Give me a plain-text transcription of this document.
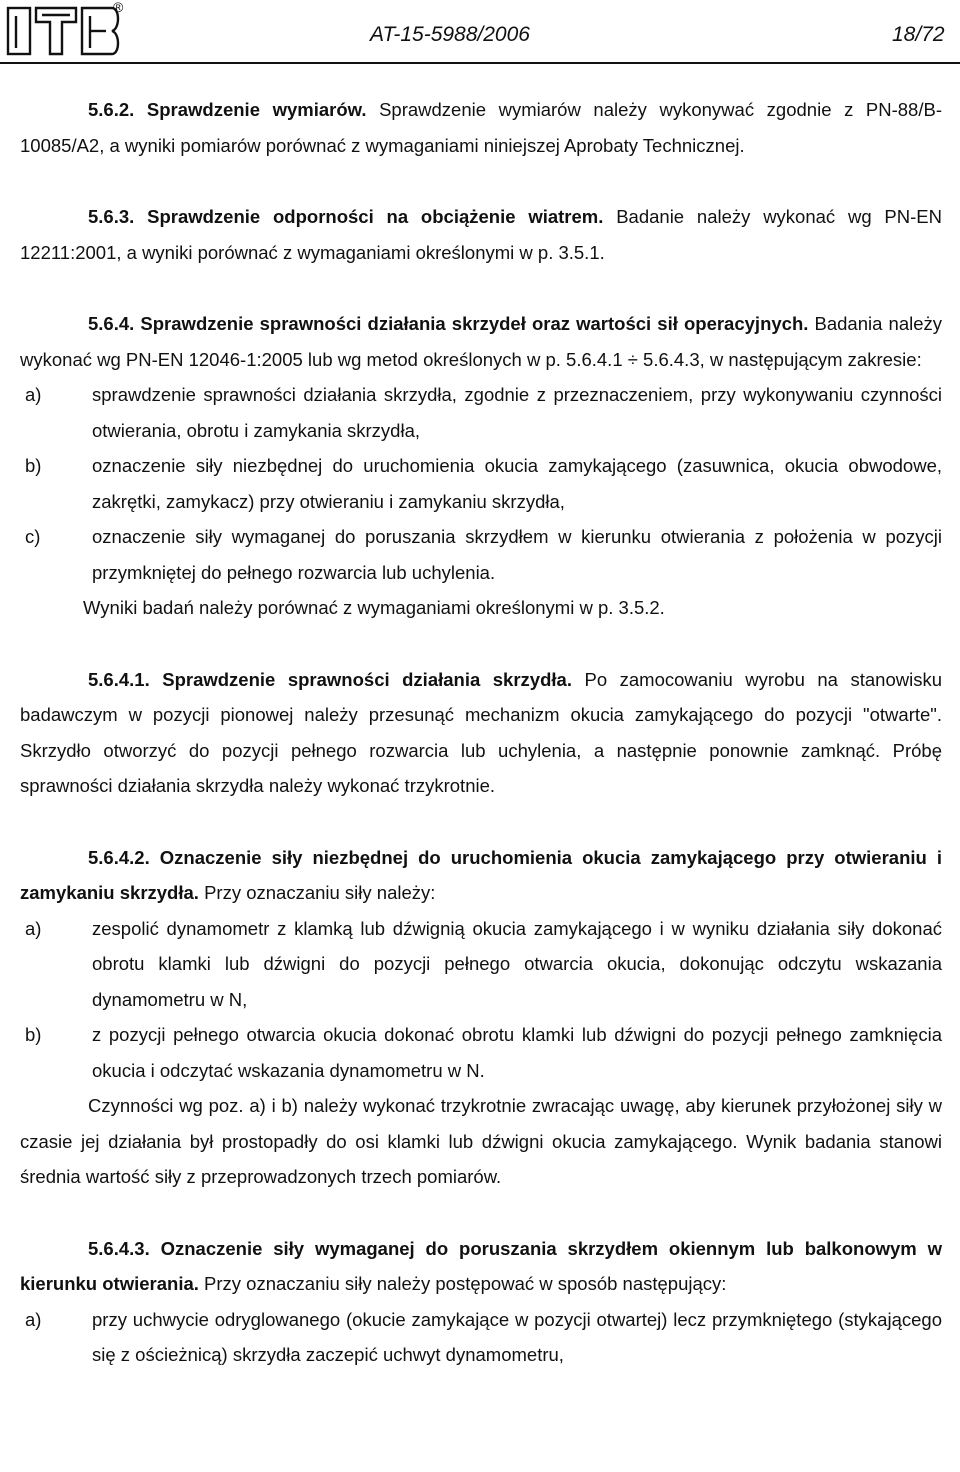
®
AT-15-5988/2006	18/72

5.6.2. Sprawdzenie wymiarów. Sprawdzenie wymiarów należy wykonywać zgodnie z PN-88/B-10085/A2, a wyniki pomiarów porównać z wymaganiami niniejszej Aprobaty Technicznej.

5.6.3. Sprawdzenie odporności na obciążenie wiatrem. Badanie należy wykonać wg PN-EN 12211:2001, a wyniki porównać z wymaganiami określonymi w p. 3.5.1.

5.6.4. Sprawdzenie sprawności działania skrzydeł oraz wartości sił operacyjnych. Badania należy wykonać wg PN-EN 12046-1:2005 lub wg metod określonych w p. 5.6.4.1 ÷ 5.6.4.3, w następującym zakresie:

a)	sprawdzenie sprawności działania skrzydła, zgodnie z przeznaczeniem, przy wykonywaniu czynności otwierania, obrotu i zamykania skrzydła,

b)	oznaczenie siły niezbędnej do uruchomienia okucia zamykającego (zasuwnica, okucia obwodowe, zakrętki, zamykacz) przy otwieraniu i zamykaniu skrzydła,

c)	oznaczenie siły wymaganej do poruszania skrzydłem w kierunku otwierania z położenia w pozycji przymkniętej do pełnego rozwarcia lub uchylenia.

Wyniki badań należy porównać z wymaganiami określonymi w p. 3.5.2.

5.6.4.1. Sprawdzenie sprawności działania skrzydła. Po zamocowaniu wyrobu na stanowisku badawczym w pozycji pionowej należy przesunąć mechanizm okucia zamykającego do pozycji "otwarte". Skrzydło otworzyć do pozycji pełnego rozwarcia lub uchylenia, a następnie ponownie zamknąć. Próbę sprawności działania skrzydła należy wykonać trzykrotnie.

5.6.4.2. Oznaczenie siły niezbędnej do uruchomienia okucia zamykającego przy otwieraniu i zamykaniu skrzydła. Przy oznaczaniu siły należy:

a)	zespolić dynamometr z klamką lub dźwignią okucia zamykającego i w wyniku działania siły dokonać obrotu klamki lub dźwigni do pozycji pełnego otwarcia okucia, dokonując odczytu wskazania dynamometru w N,

b)	z pozycji pełnego otwarcia okucia dokonać obrotu klamki lub dźwigni do pozycji pełnego zamknięcia okucia i odczytać wskazania dynamometru w N.

Czynności wg poz. a) i b) należy wykonać trzykrotnie zwracając uwagę, aby kierunek przyłożonej siły w czasie jej działania był prostopadły do osi klamki lub dźwigni okucia zamykającego. Wynik badania stanowi średnia wartość siły z przeprowadzonych trzech pomiarów.

5.6.4.3. Oznaczenie siły wymaganej do poruszania skrzydłem okiennym lub balkonowym w kierunku otwierania. Przy oznaczaniu siły należy postępować w sposób następujący:

a)	przy uchwycie odryglowanego (okucie zamykające w pozycji otwartej) lecz przymkniętego (stykającego się z ościeżnicą) skrzydła zaczepić uchwyt dynamometru,
